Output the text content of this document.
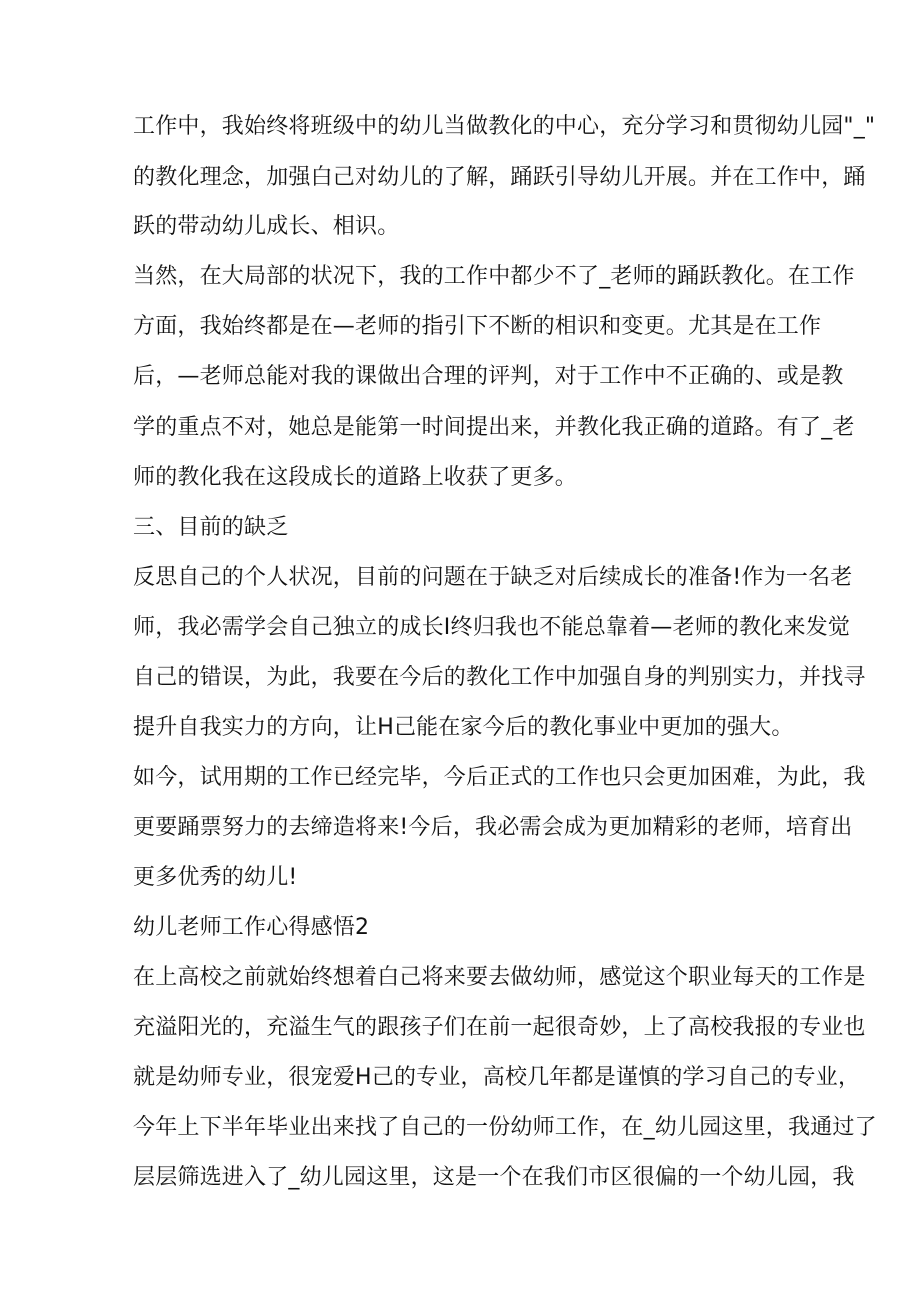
工作中，我始终将班级中的幼儿当做教化的中心，充分学习和贯彻幼儿园"_"
的教化理念，加强白己对幼儿的了解，踊跃引导幼儿开展。并在工作中，踊
跃的带动幼儿成长、相识。
当然，在大局部的状况下，我的工作中都少不了_老师的踊跃教化。在工作
方面，我始终都是在—老师的指引下不断的相识和变更。尤其是在工作
后，—老师总能对我的课做出合理的评判，对于工作中不正确的、或是教
学的重点不对，她总是能第一时间提出来，并教化我正确的道路。有了_老
师的教化我在这段成长的道路上收获了更多。
三、目前的缺乏
反思自己的个人状况，目前的问题在于缺乏对后续成长的准备!作为一名老
师，我必需学会自己独立的成长I终归我也不能总靠着—老师的教化来发觉
自己的错误，为此，我要在今后的教化工作中加强自身的判别实力，并找寻
提升自我实力的方向，让H己能在家今后的教化事业中更加的强大。
如今，试用期的工作已经完毕，今后正式的工作也只会更加困难，为此，我
更要踊票努力的去缔造将来!今后，我必需会成为更加精彩的老师，培育出
更多优秀的幼儿!
幼儿老师工作心得感悟2
在上高校之前就始终想着白己将来要去做幼师，感觉这个职业每天的工作是
充溢阳光的，充溢生气的跟孩子们在前一起很奇妙，上了高校我报的专业也
就是幼师专业，很宠爱H己的专业，高校几年都是谨慎的学习自己的专业，
今年上下半年毕业出来找了自己的一份幼师工作，在_幼儿园这里，我通过了
层层筛选进入了_幼儿园这里，这是一个在我们市区很偏的一个幼儿园，我
